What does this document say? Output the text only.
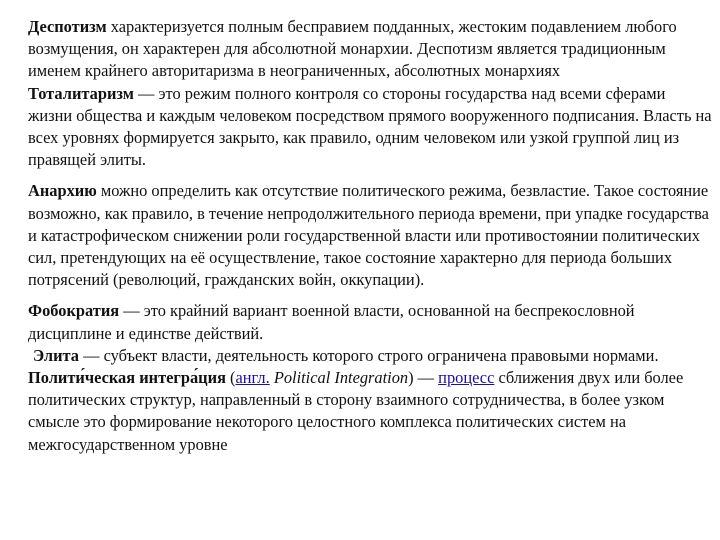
Деспотизм характеризуется полным бесправием подданных, жестоким подавлением любого возмущения, он характерен для абсолютной монархии. Деспотизм является традиционным именем крайнего авторитаризма в неограниченных, абсолютных монархиях

Тоталитаризм — это режим полного контроля со стороны государства над всеми сферами жизни общества и каждым человеком посредством прямого вооруженного подписания. Власть на всех уровнях формируется закрыто, как правило, одним человеком или узкой группой лиц из правящей элиты.

Анархию можно определить как отсутствие политического режима, безвластие. Такое состояние возможно, как правило, в течение непродолжительного периода времени, при упадке государства и катастрофическом снижении роли государственной власти или противостоянии политических сил, претендующих на её осуществление, такое состояние характерно для периода больших потрясений (революций, гражданских войн, оккупации).

Фобократия — это крайний вариант военной власти, основанной на беспрекословной дисциплине и единстве действий.

Элита — субъект власти, деятельность которого строго ограничена правовыми нормами.

Полити́ческая интегра́ция (англ. Political Integration) — процесс сближения двух или более политических структур, направленный в сторону взаимного сотрудничества, в более узком смысле это формирование некоторого целостного комплекса политических систем на межгосударственном уровне
